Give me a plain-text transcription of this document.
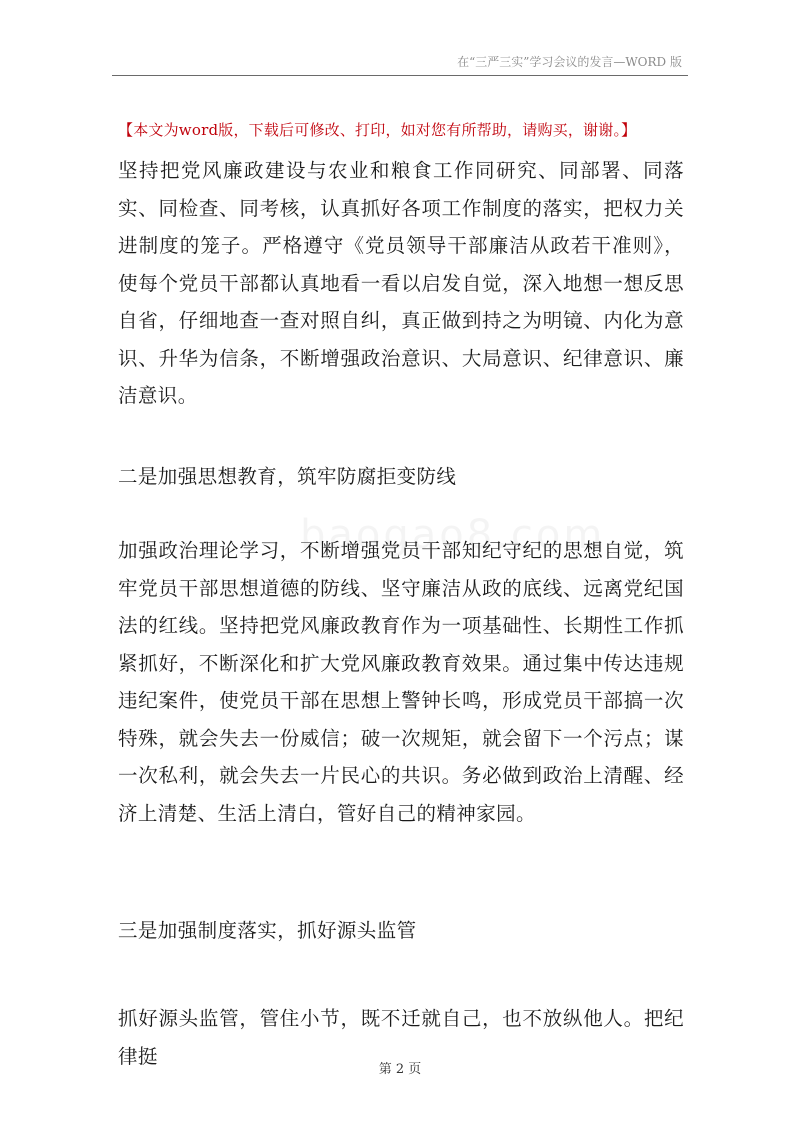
在“三严三实”学习会议的发言—WORD 版
【本文为word版，下载后可修改、打印，如对您有所帮助，请购买，谢谢。】
坚持把党风廉政建设与农业和粮食工作同研究、同部署、同落实、同检查、同考核，认真抓好各项工作制度的落实，把权力关进制度的笼子。严格遵守《党员领导干部廉洁从政若干准则》，使每个党员干部都认真地看一看以启发自觉，深入地想一想反思自省，仔细地查一查对照自纠，真正做到持之为明镜、内化为意识、升华为信条，不断增强政治意识、大局意识、纪律意识、廉洁意识。
二是加强思想教育，筑牢防腐拒变防线
加强政治理论学习，不断增强党员干部知纪守纪的思想自觉，筑牢党员干部思想道德的防线、坚守廉洁从政的底线、远离党纪国法的红线。坚持把党风廉政教育作为一项基础性、长期性工作抓紧抓好，不断深化和扩大党风廉政教育效果。通过集中传达违规违纪案件，使党员干部在思想上警钟长鸣，形成党员干部搞一次特殊，就会失去一份威信；破一次规矩，就会留下一个污点；谋一次私利，就会失去一片民心的共识。务必做到政治上清醒、经济上清楚、生活上清白，管好自己的精神家园。
三是加强制度落实，抓好源头监管
抓好源头监管，管住小节，既不迁就自己，也不放纵他人。把纪律挺
第 2 页
